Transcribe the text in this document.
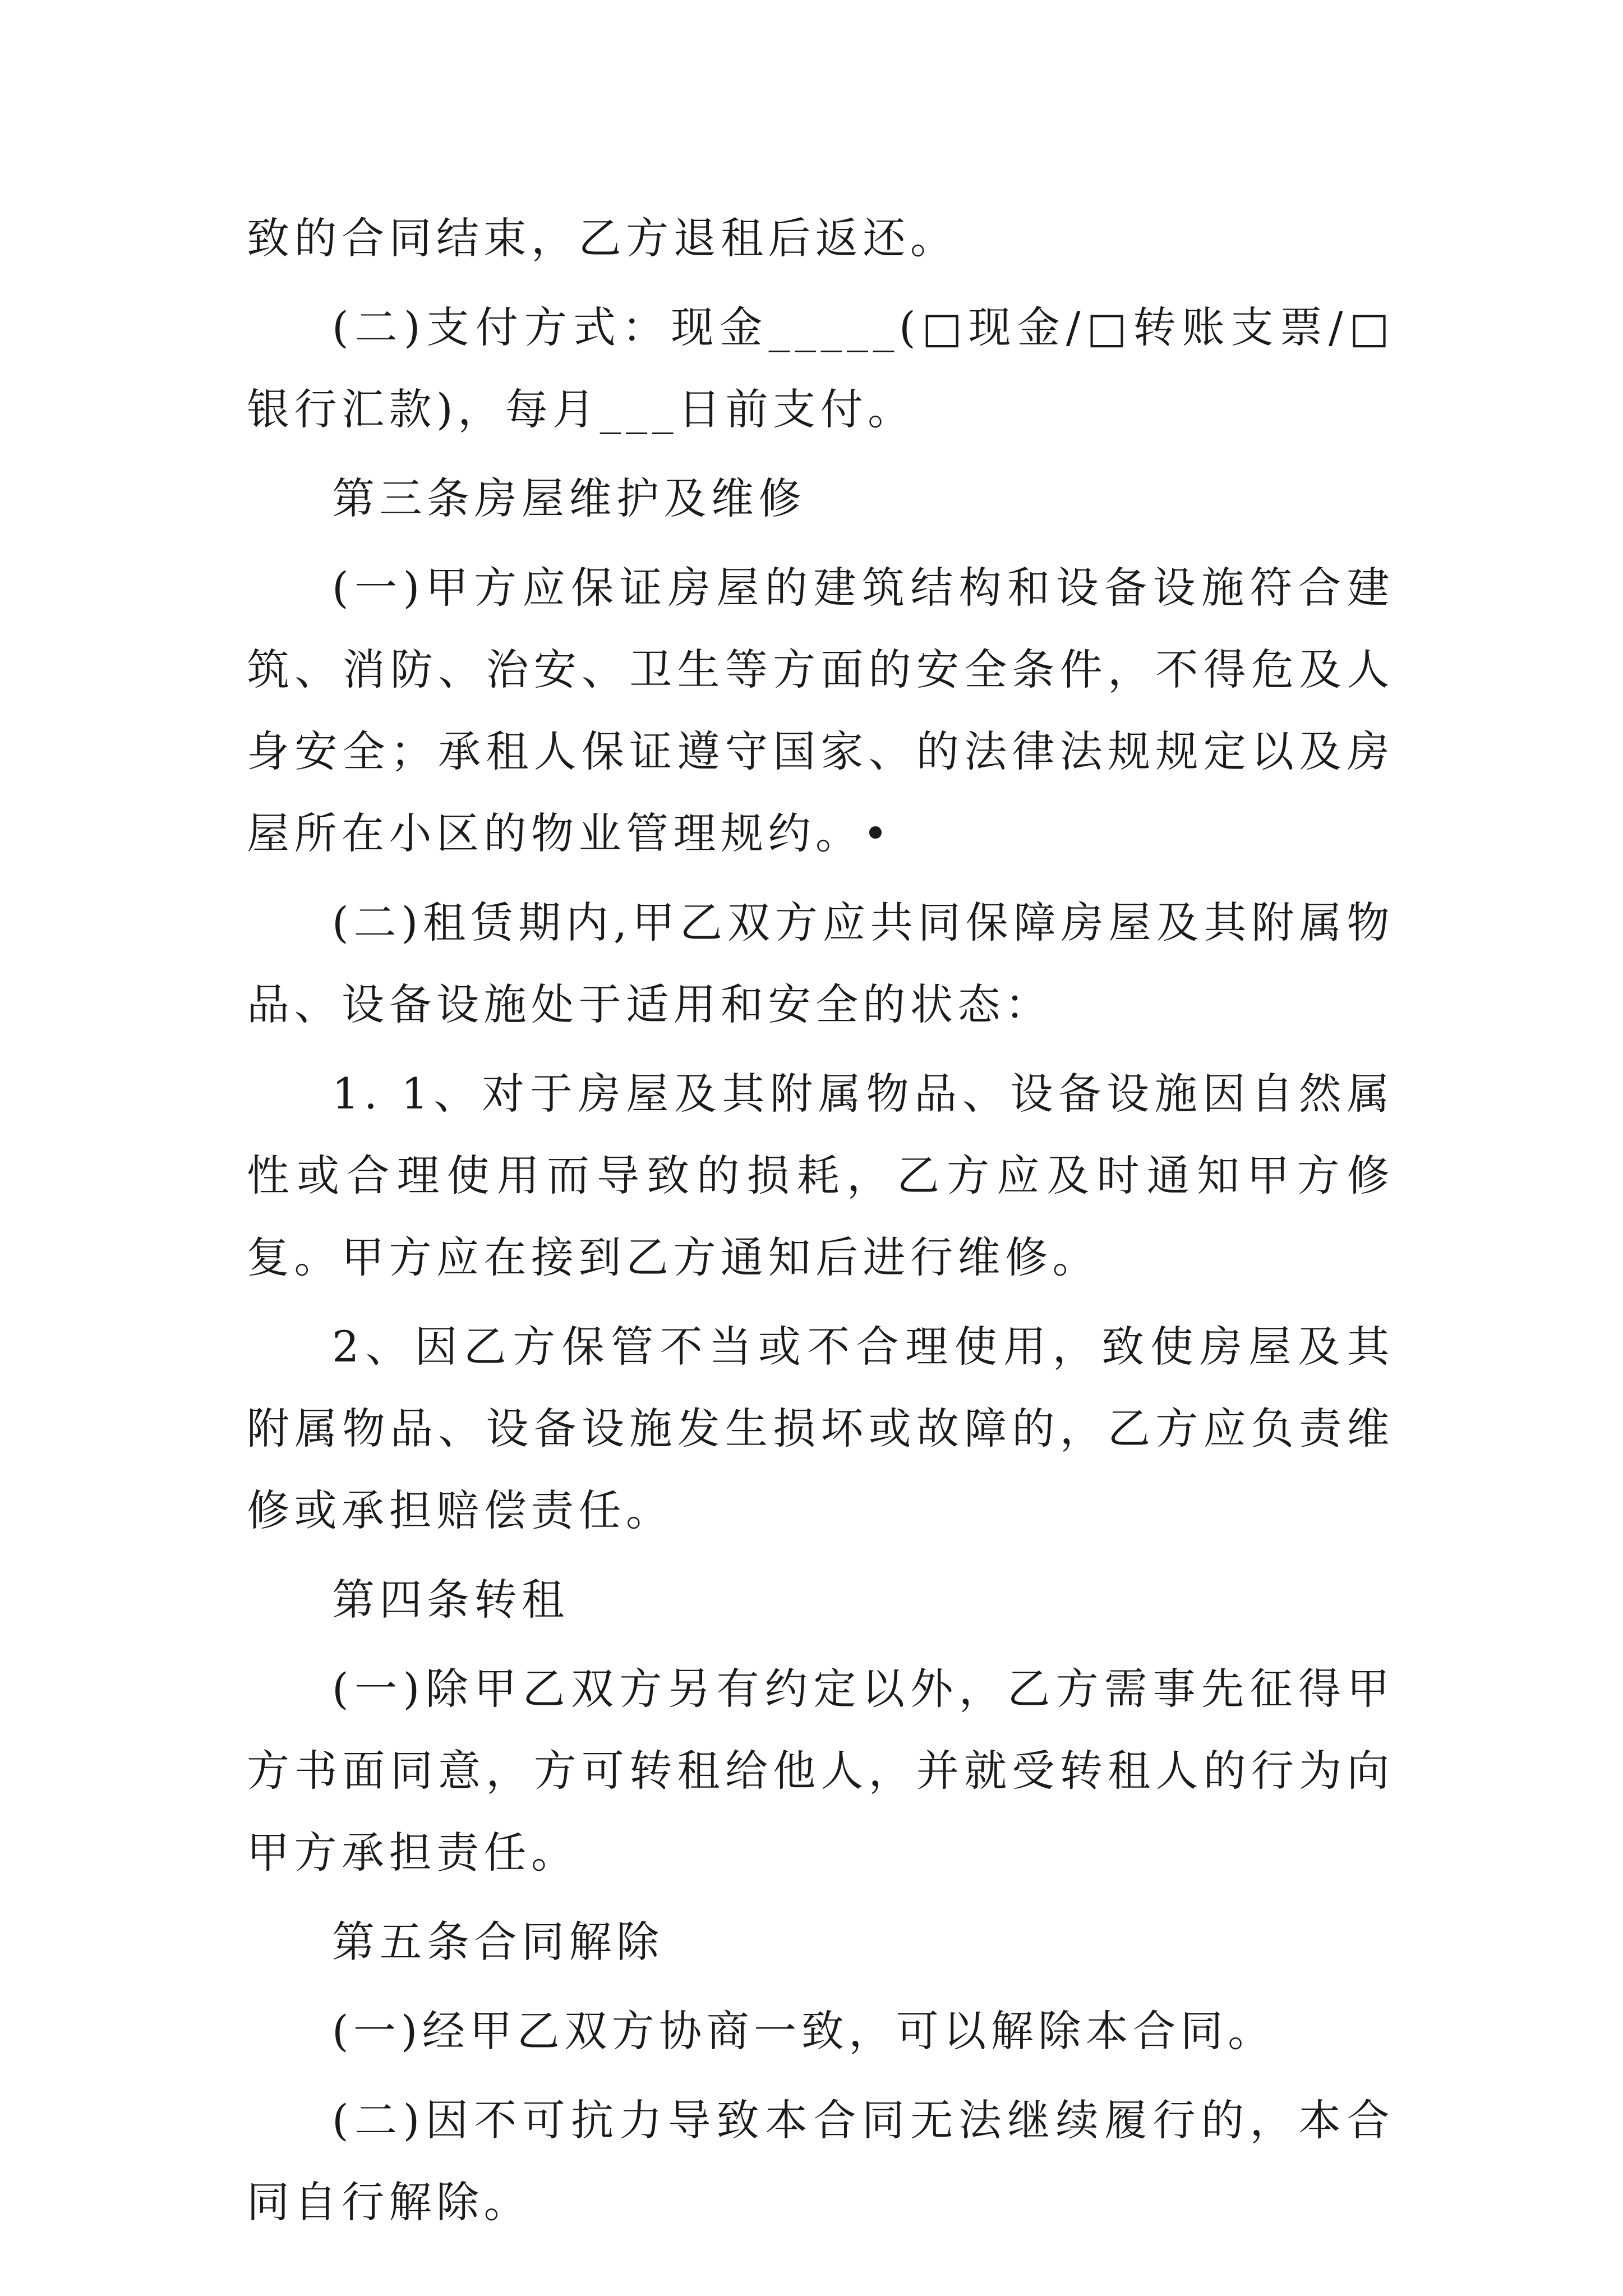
致的合同结束，乙方退租后返还。

(二)支付方式：现金_____(□现金/□转账支票/□银行汇款)，每月___日前支付。

第三条房屋维护及维修

(一)甲方应保证房屋的建筑结构和设备设施符合建筑、消防、治安、卫生等方面的安全条件，不得危及人身安全；承租人保证遵守国家、的法律法规规定以及房屋所在小区的物业管理规约。•

(二)租赁期内,甲乙双方应共同保障房屋及其附属物品、设备设施处于适用和安全的状态：

1. 1、对于房屋及其附属物品、设备设施因自然属性或合理使用而导致的损耗，乙方应及时通知甲方修复。甲方应在接到乙方通知后进行维修。

2、因乙方保管不当或不合理使用，致使房屋及其附属物品、设备设施发生损坏或故障的，乙方应负责维修或承担赔偿责任。

第四条转租

(一)除甲乙双方另有约定以外，乙方需事先征得甲方书面同意，方可转租给他人，并就受转租人的行为向甲方承担责任。

第五条合同解除

(一)经甲乙双方协商一致，可以解除本合同。

(二)因不可抗力导致本合同无法继续履行的，本合同自行解除。
